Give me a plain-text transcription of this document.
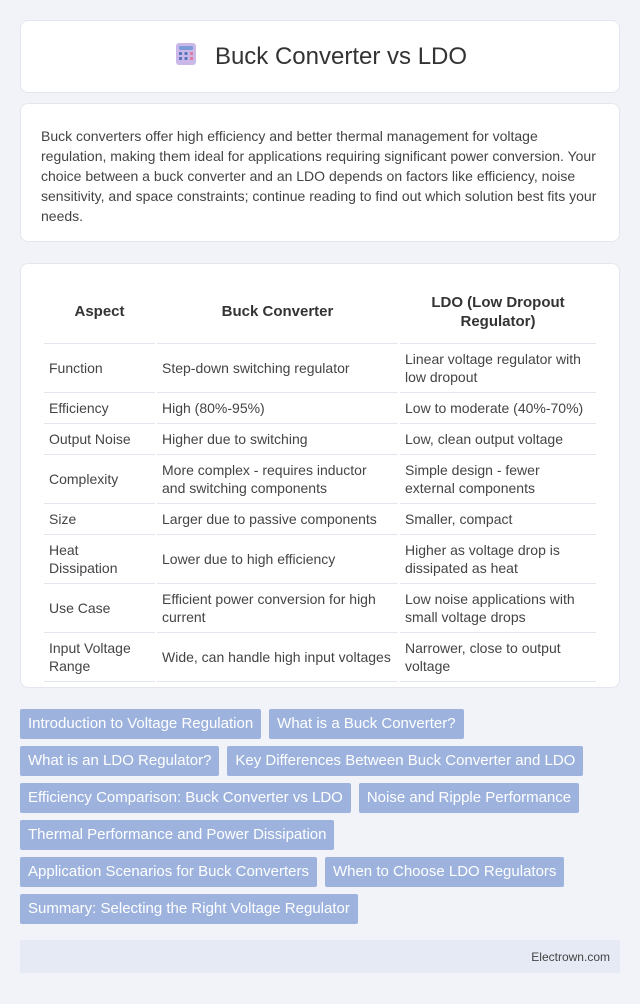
Buck Converter vs LDO
Buck converters offer high efficiency and better thermal management for voltage regulation, making them ideal for applications requiring significant power conversion. Your choice between a buck converter and an LDO depends on factors like efficiency, noise sensitivity, and space constraints; continue reading to find out which solution best fits your needs.
Aspect	Buck Converter	LDO (Low Dropout Regulator)
Function	Step-down switching regulator	Linear voltage regulator with low dropout
Efficiency	High (80%-95%)	Low to moderate (40%-70%)
Output Noise	Higher due to switching	Low, clean output voltage
Complexity	More complex - requires inductor and switching components	Simple design - fewer external components
Size	Larger due to passive components	Smaller, compact
Heat Dissipation	Lower due to high efficiency	Higher as voltage drop is dissipated as heat
Use Case	Efficient power conversion for high current	Low noise applications with small voltage drops
Input Voltage Range	Wide, can handle high input voltages	Narrower, close to output voltage
Introduction to Voltage Regulation	What is a Buck Converter?
What is an LDO Regulator?	Key Differences Between Buck Converter and LDO
Efficiency Comparison: Buck Converter vs LDO	Noise and Ripple Performance
Thermal Performance and Power Dissipation
Application Scenarios for Buck Converters	When to Choose LDO Regulators
Summary: Selecting the Right Voltage Regulator
Electrown.com
